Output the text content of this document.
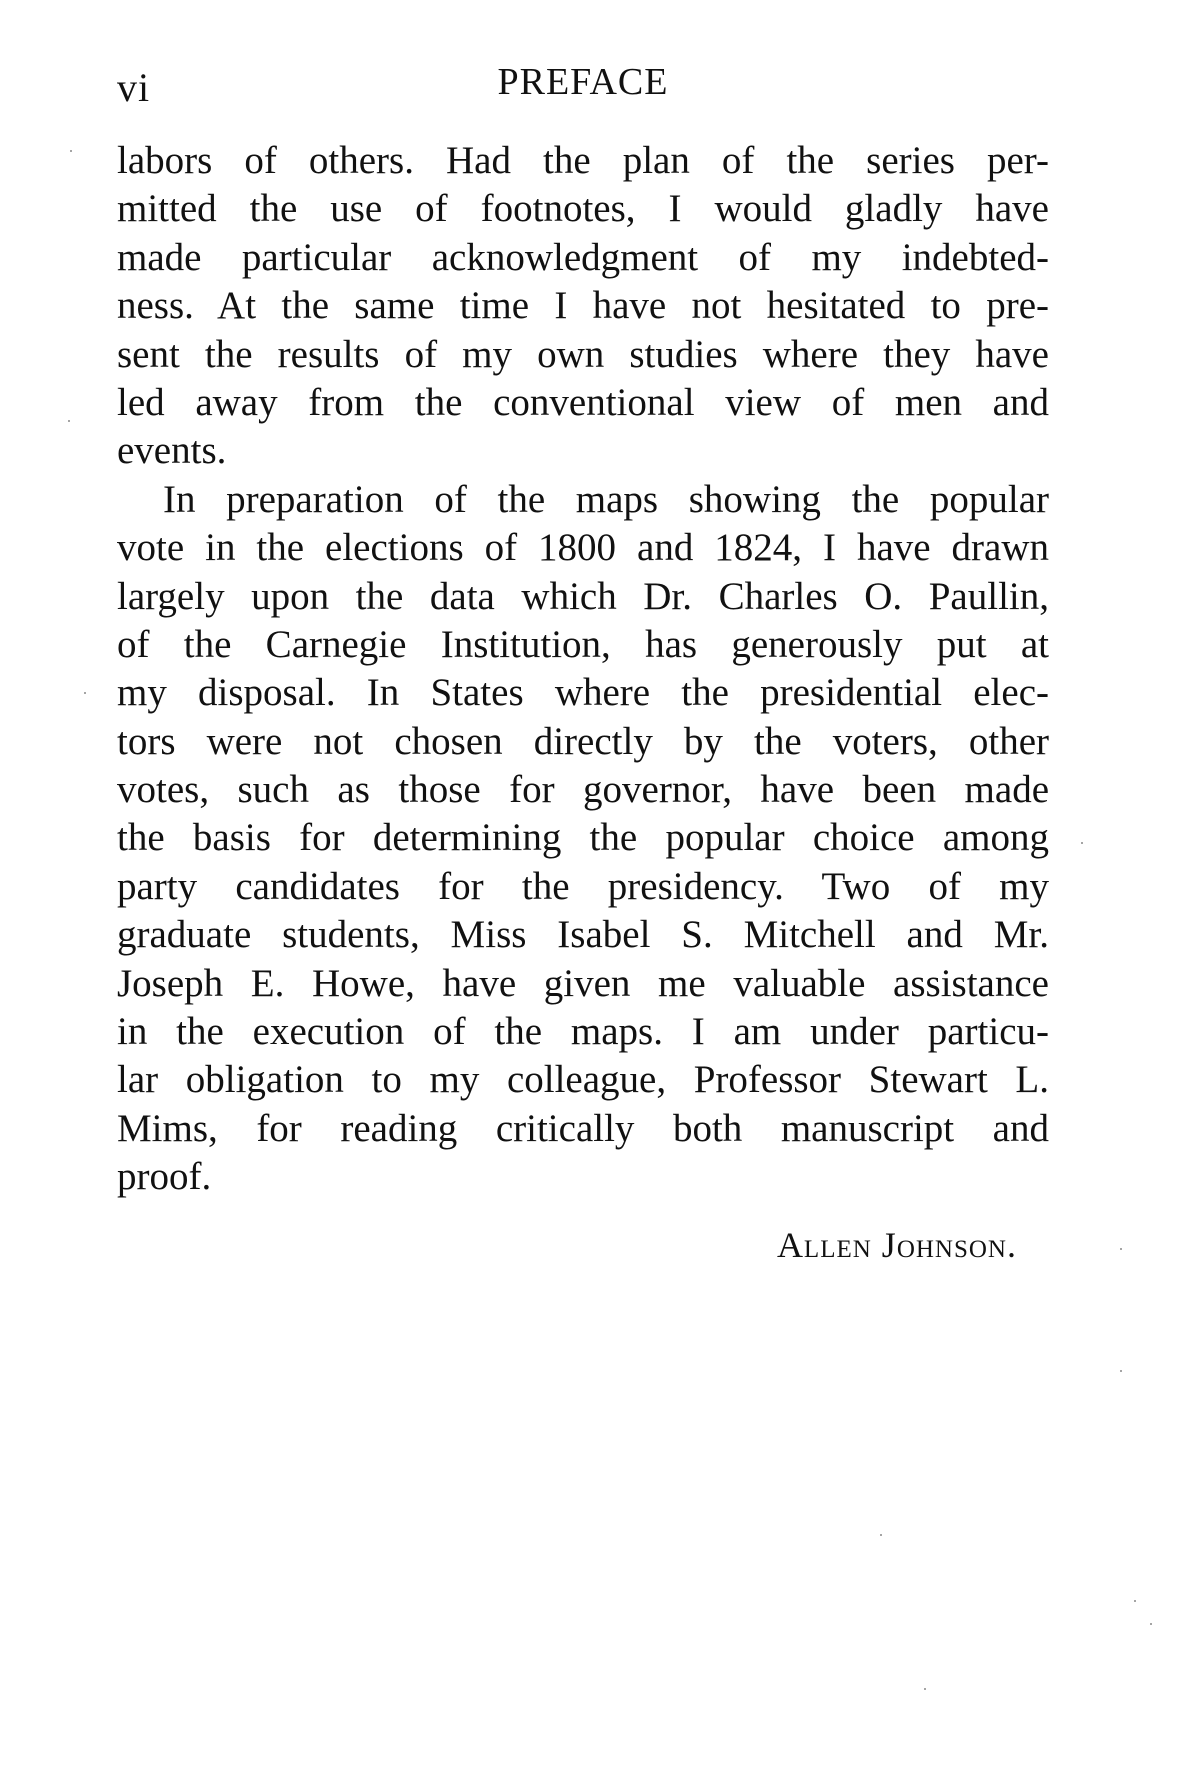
vi	PREFACE
labors of others. Had the plan of the series per-
mitted the use of footnotes, I would gladly have
made particular acknowledgment of my indebted-
ness. At the same time I have not hesitated to pre-
sent the results of my own studies where they have
led away from the conventional view of men and
events.
In preparation of the maps showing the popular
vote in the elections of 1800 and 1824, I have drawn
largely upon the data which Dr. Charles O. Paullin,
of the Carnegie Institution, has generously put at
my disposal. In States where the presidential elec-
tors were not chosen directly by the voters, other
votes, such as those for governor, have been made
the basis for determining the popular choice among
party candidates for the presidency. Two of my
graduate students, Miss Isabel S. Mitchell and Mr.
Joseph E. Howe, have given me valuable assistance
in the execution of the maps. I am under particu-
lar obligation to my colleague, Professor Stewart L.
Mims, for reading critically both manuscript and
proof.
Allen Johnson.
